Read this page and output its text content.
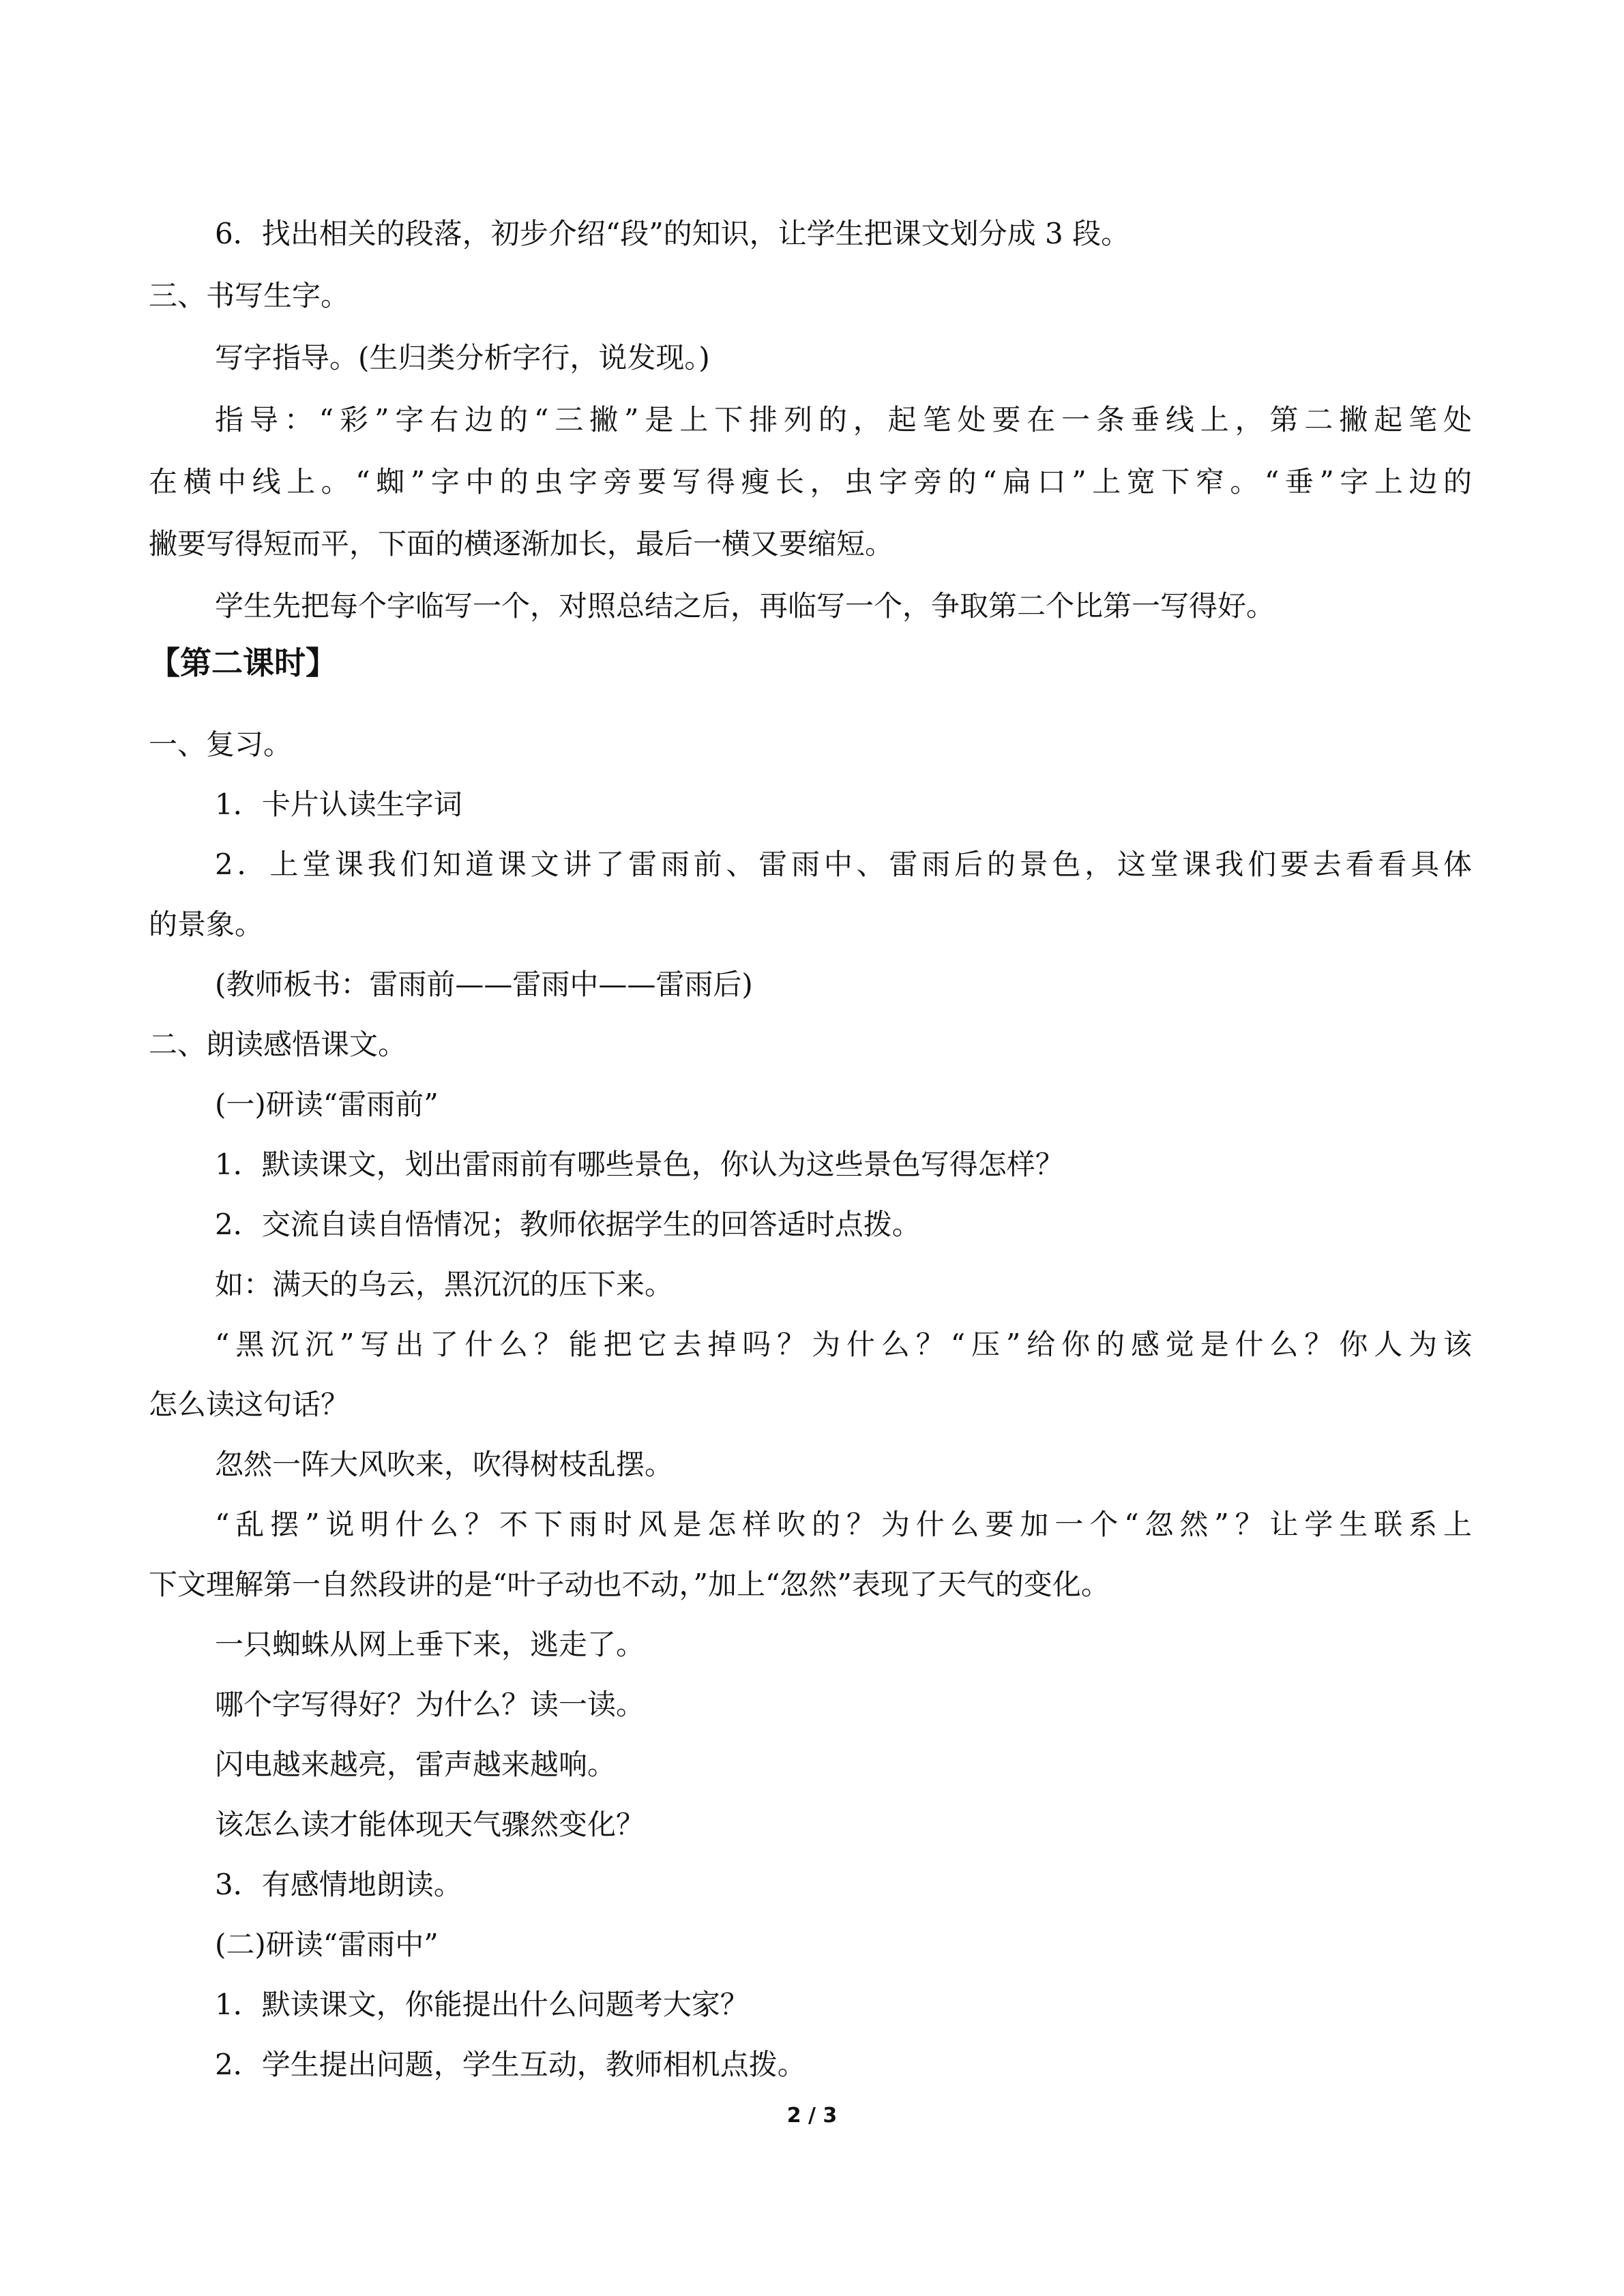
6．找出相关的段落，初步介绍“段”的知识，让学生把课文划分成 3 段。
三、书写生字。
写字指导。(生归类分析字行，说发现。)
指导：“彩”字右边的“三撇”是上下排列的，起笔处要在一条垂线上，第二撇起笔处
在横中线上。“蜘”字中的虫字旁要写得瘦长，虫字旁的“扁口”上宽下窄。“垂”字上边的
撇要写得短而平，下面的横逐渐加长，最后一横又要缩短。
学生先把每个字临写一个，对照总结之后，再临写一个，争取第二个比第一写得好。
【第二课时】
一、复习。
1．卡片认读生字词
2．上堂课我们知道课文讲了雷雨前、雷雨中、雷雨后的景色，这堂课我们要去看看具体
的景象。
(教师板书：雷雨前——雷雨中——雷雨后)
二、朗读感悟课文。
(一)研读“雷雨前”
1．默读课文，划出雷雨前有哪些景色，你认为这些景色写得怎样？
2．交流自读自悟情况；教师依据学生的回答适时点拨。
如：满天的乌云，黑沉沉的压下来。
“黑沉沉”写出了什么？能把它去掉吗？为什么？“压”给你的感觉是什么？你人为该
怎么读这句话？
忽然一阵大风吹来，吹得树枝乱摆。
“乱摆”说明什么？不下雨时风是怎样吹的？为什么要加一个“忽然”？让学生联系上
下文理解第一自然段讲的是“叶子动也不动，”加上“忽然”表现了天气的变化。
一只蜘蛛从网上垂下来，逃走了。
哪个字写得好？为什么？读一读。
闪电越来越亮，雷声越来越响。
该怎么读才能体现天气骤然变化？
3．有感情地朗读。
(二)研读“雷雨中”
1．默读课文，你能提出什么问题考大家？
2．学生提出问题，学生互动，教师相机点拨。
2 / 3
